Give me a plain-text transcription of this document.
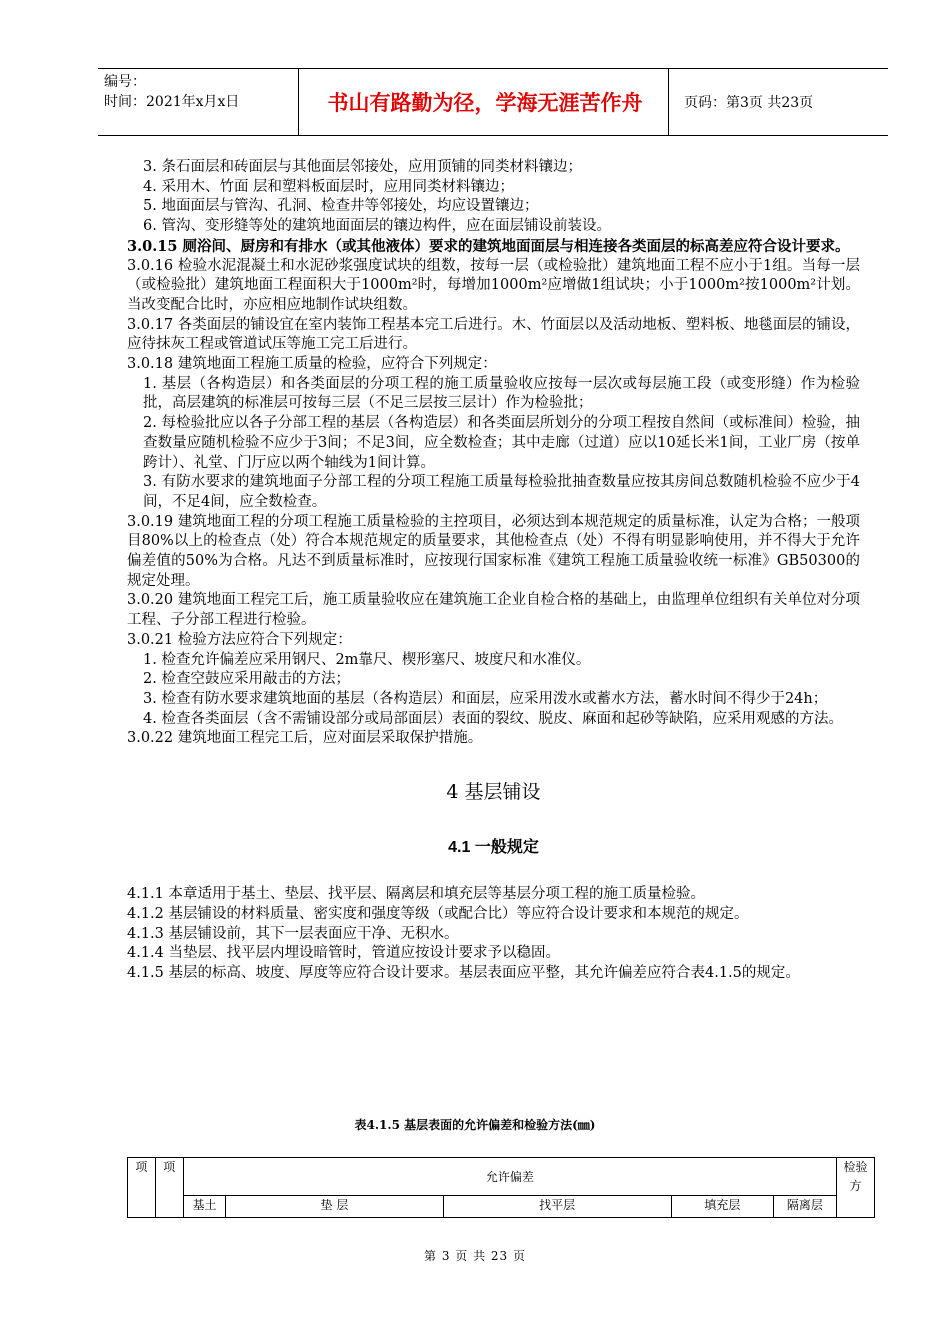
编号：
时间：2021年x月x日	书山有路勤为径，学海无涯苦作舟	页码：第3页 共23页

3. 条石面层和砖面层与其他面层邻接处，应用顶铺的同类材料镶边；

4. 采用木、竹面 层和塑料板面层时，应用同类材料镶边；

5. 地面面层与管沟、孔洞、检查井等邻接处，均应设置镶边；

6. 管沟、变形缝等处的建筑地面面层的镶边构件，应在面层铺设前装设。

3.0.15 厕浴间、厨房和有排水（或其他液体）要求的建筑地面面层与相连接各类面层的标高差应符合设计要求。

3.0.16 检验水泥混凝土和水泥砂浆强度试块的组数，按每一层（或检验批）建筑地面工程不应小于1组。当每一层（或检验批）建筑地面工程面积大于1000m²时，每增加1000m²应增做1组试块；小于1000m²按1000m²计划。当改变配合比时，亦应相应地制作试块组数。

3.0.17 各类面层的铺设宜在室内装饰工程基本完工后进行。木、竹面层以及活动地板、塑料板、地毯面层的铺设，应待抹灰工程或管道试压等施工完工后进行。

3.0.18 建筑地面工程施工质量的检验，应符合下列规定：

1. 基层（各构造层）和各类面层的分项工程的施工质量验收应按每一层次或每层施工段（或变形缝）作为检验批，高层建筑的标准层可按每三层（不足三层按三层计）作为检验批；

2. 每检验批应以各子分部工程的基层（各构造层）和各类面层所划分的分项工程按自然间（或标准间）检验，抽查数量应随机检验不应少于3间；不足3间，应全数检查；其中走廊（过道）应以10延长米1间，工业厂房（按单跨计）、礼堂、门厅应以两个轴线为1间计算。

3. 有防水要求的建筑地面子分部工程的分项工程施工质量每检验批抽查数量应按其房间总数随机检验不应少于4间，不足4间，应全数检查。

3.0.19 建筑地面工程的分项工程施工质量检验的主控项目，必须达到本规范规定的质量标准，认定为合格；一般项目80%以上的检查点（处）符合本规范规定的质量要求，其他检查点（处）不得有明显影响使用，并不得大于允许偏差值的50%为合格。凡达不到质量标准时，应按现行国家标准《建筑工程施工质量验收统一标准》GB50300的规定处理。

3.0.20 建筑地面工程完工后，施工质量验收应在建筑施工企业自检合格的基础上，由监理单位组织有关单位对分项工程、子分部工程进行检验。

3.0.21 检验方法应符合下列规定：

1. 检查允许偏差应采用钢尺、2m靠尺、楔形塞尺、坡度尺和水准仪。

2. 检查空鼓应采用敲击的方法；

3. 检查有防水要求建筑地面的基层（各构造层）和面层，应采用泼水或蓄水方法，蓄水时间不得少于24h；

4. 检查各类面层（含不需铺设部分或局部面层）表面的裂纹、脱皮、麻面和起砂等缺陷，应采用观感的方法。

3.0.22 建筑地面工程完工后，应对面层采取保护措施。

4 基层铺设
4.1 一般规定

4.1.1 本章适用于基土、垫层、找平层、隔离层和填充层等基层分项工程的施工质量检验。

4.1.2 基层铺设的材料质量、密实度和强度等级（或配合比）等应符合设计要求和本规范的规定。

4.1.3 基层铺设前，其下一层表面应干净、无积水。

4.1.4 当垫层、找平层内埋设暗管时，管道应按设计要求予以稳固。

4.1.5 基层的标高、坡度、厚度等应符合设计要求。基层表面应平整，其允许偏差应符合表4.1.5的规定。

表4.1.5 基层表面的允许偏差和检验方法(㎜)
项	项	允许偏差					检验方
		基土	垫 层	找平层	填充层	隔离层	
第 3 页 共 23 页
